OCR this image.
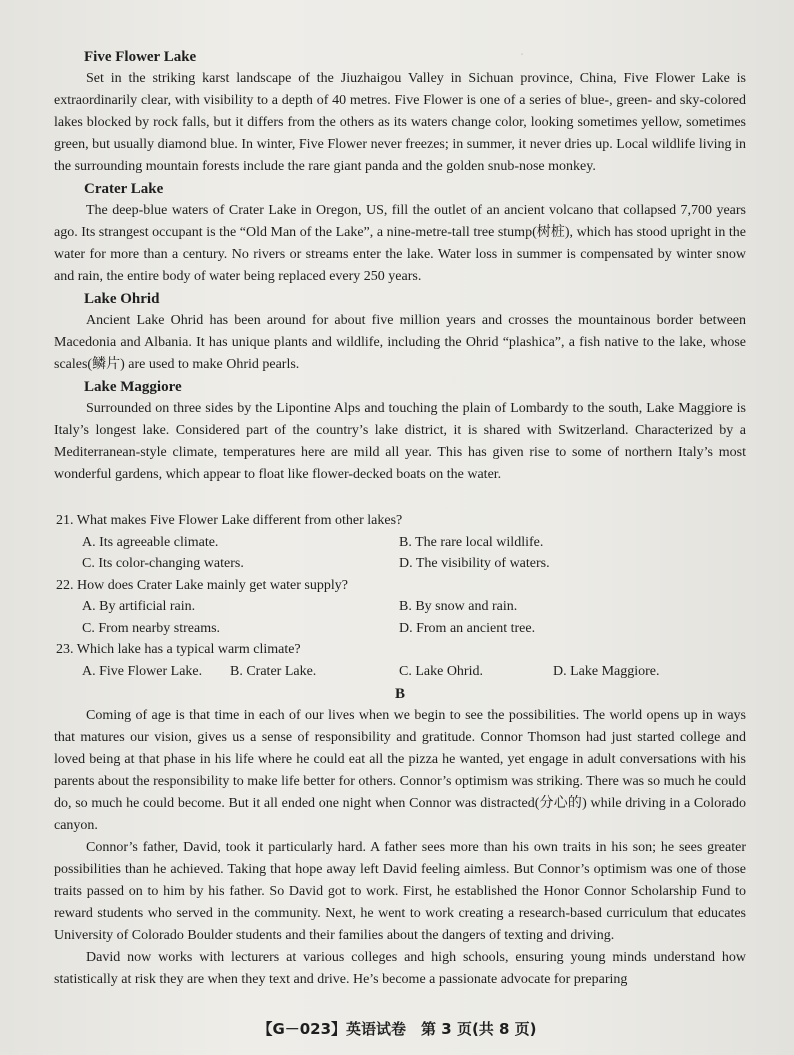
·
Five Flower Lake

Set in the striking karst landscape of the Jiuzhaigou Valley in Sichuan province, China, Five Flower Lake is extraordinarily clear, with visibility to a depth of 40 metres. Five Flower is one of a series of blue-, green- and sky-colored lakes blocked by rock falls, but it differs from the others as its waters change color, looking sometimes yellow, sometimes green, but usually diamond blue. In winter, Five Flower never freezes; in summer, it never dries up. Local wildlife living in the surrounding mountain forests include the rare giant panda and the golden snub-nose monkey.

Crater Lake

The deep-blue waters of Crater Lake in Oregon, US, fill the outlet of an ancient volcano that collapsed 7,700 years ago. Its strangest occupant is the “Old Man of the Lake”, a nine-metre-tall tree stump(树桩), which has stood upright in the water for more than a century. No rivers or streams enter the lake. Water loss in summer is compensated by winter snow and rain, the entire body of water being replaced every 250 years.

Lake Ohrid

Ancient Lake Ohrid has been around for about five million years and crosses the mountainous border between Macedonia and Albania. It has unique plants and wildlife, including the Ohrid “plashica”, a fish native to the lake, whose scales(鳞片) are used to make Ohrid pearls.

Lake Maggiore

Surrounded on three sides by the Lipontine Alps and touching the plain of Lombardy to the south, Lake Maggiore is Italy’s longest lake. Considered part of the country’s lake district, it is shared with Switzerland. Characterized by a Mediterranean-style climate, temperatures here are mild all year. This has given rise to some of northern Italy’s most wonderful gardens, which appear to float like flower-decked boats on the water.

21. What makes Five Flower Lake different from other lakes?
A. Its agreeable climate.	B. The rare local wildlife.
C. Its color-changing waters.	D. The visibility of waters.
22. How does Crater Lake mainly get water supply?
A. By artificial rain.	B. By snow and rain.
C. From nearby streams.	D. From an ancient tree.
23. Which lake has a typical warm climate?
A. Five Flower Lake. B. Crater Lake.	C. Lake Ohrid.	D. Lake Maggiore.
B

Coming of age is that time in each of our lives when we begin to see the possibilities. The world opens up in ways that matures our vision, gives us a sense of responsibility and gratitude. Connor Thomson had just started college and loved being at that phase in his life where he could eat all the pizza he wanted, yet engage in adult conversations with his parents about the responsibility to make life better for others. Connor’s optimism was striking. There was so much he could do, so much he could become. But it all ended one night when Connor was distracted(分心的) while driving in a Colorado canyon.

Connor’s father, David, took it particularly hard. A father sees more than his own traits in his son; he sees greater possibilities than he achieved. Taking that hope away left David feeling aimless. But Connor’s optimism was one of those traits passed on to him by his father. So David got to work. First, he established the Honor Connor Scholarship Fund to reward students who served in the community. Next, he went to work creating a research-based curriculum that educates University of Colorado Boulder students and their families about the dangers of texting and driving.

David now works with lecturers at various colleges and high schools, ensuring young minds understand how statistically at risk they are when they text and drive. He’s become a passionate advocate for preparing

【G－023】英语试卷　第 3 页(共 8 页)
